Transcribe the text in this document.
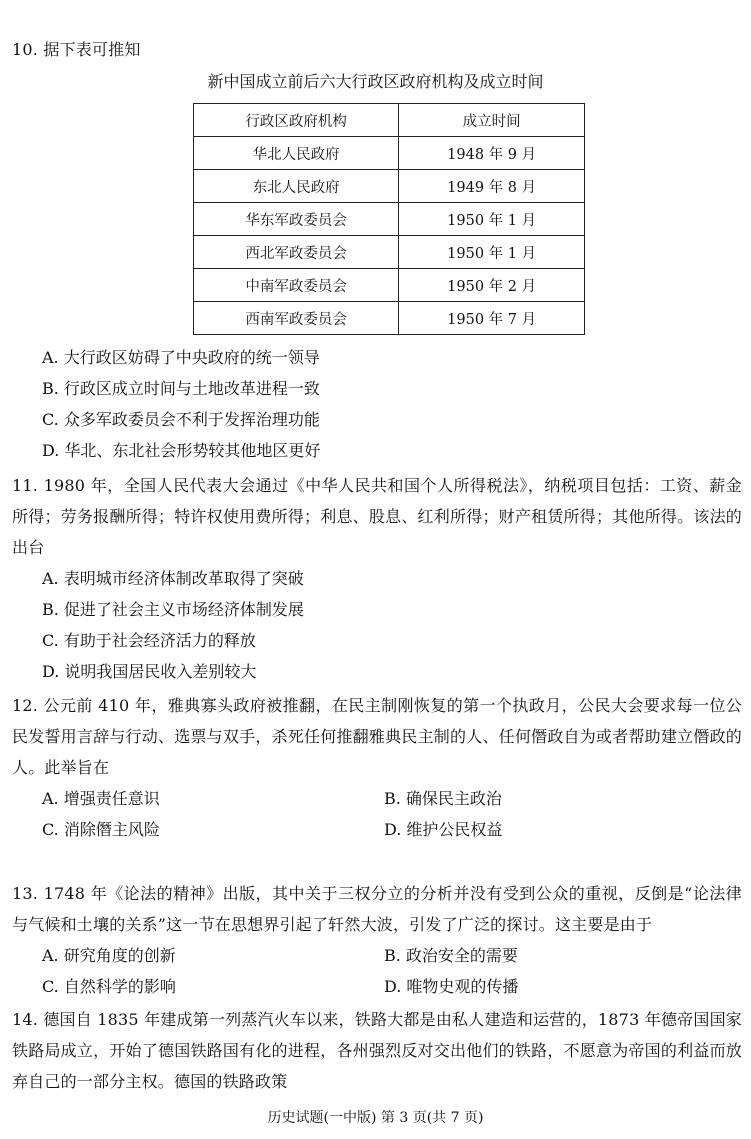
10. 据下表可推知

新中国成立前后六大行政区政府机构及成立时间
行政区政府机构	成立时间
华北人民政府	1948 年 9 月
东北人民政府	1949 年 8 月
华东军政委员会	1950 年 1 月
西北军政委员会	1950 年 1 月
中南军政委员会	1950 年 2 月
西南军政委员会	1950 年 7 月

A. 大行政区妨碍了中央政府的统一领导

B. 行政区成立时间与土地改革进程一致

C. 众多军政委员会不利于发挥治理功能

D. 华北、东北社会形势较其他地区更好

11. 1980 年，全国人民代表大会通过《中华人民共和国个人所得税法》，纳税项目包括：工资、薪金所得；劳务报酬所得；特许权使用费所得；利息、股息、红利所得；财产租赁所得；其他所得。该法的出台

A. 表明城市经济体制改革取得了突破

B. 促进了社会主义市场经济体制发展

C. 有助于社会经济活力的释放

D. 说明我国居民收入差别较大

12. 公元前 410 年，雅典寡头政府被推翻，在民主制刚恢复的第一个执政月，公民大会要求每一位公民发誓用言辞与行动、选票与双手，杀死任何推翻雅典民主制的人、任何僭政自为或者帮助建立僭政的人。此举旨在

A. 增强责任意识	B. 确保民主政治
C. 消除僭主风险	D. 维护公民权益

13. 1748 年《论法的精神》出版，其中关于三权分立的分析并没有受到公众的重视，反倒是“论法律与气候和土壤的关系”这一节在思想界引起了轩然大波，引发了广泛的探讨。这主要是由于

A. 研究角度的创新	B. 政治安全的需要
C. 自然科学的影响	D. 唯物史观的传播

14. 德国自 1835 年建成第一列蒸汽火车以来，铁路大都是由私人建造和运营的，1873 年德帝国国家铁路局成立，开始了德国铁路国有化的进程，各州强烈反对交出他们的铁路，不愿意为帝国的利益而放弃自己的一部分主权。德国的铁路政策

历史试题(一中版) 第 3 页(共 7 页)
